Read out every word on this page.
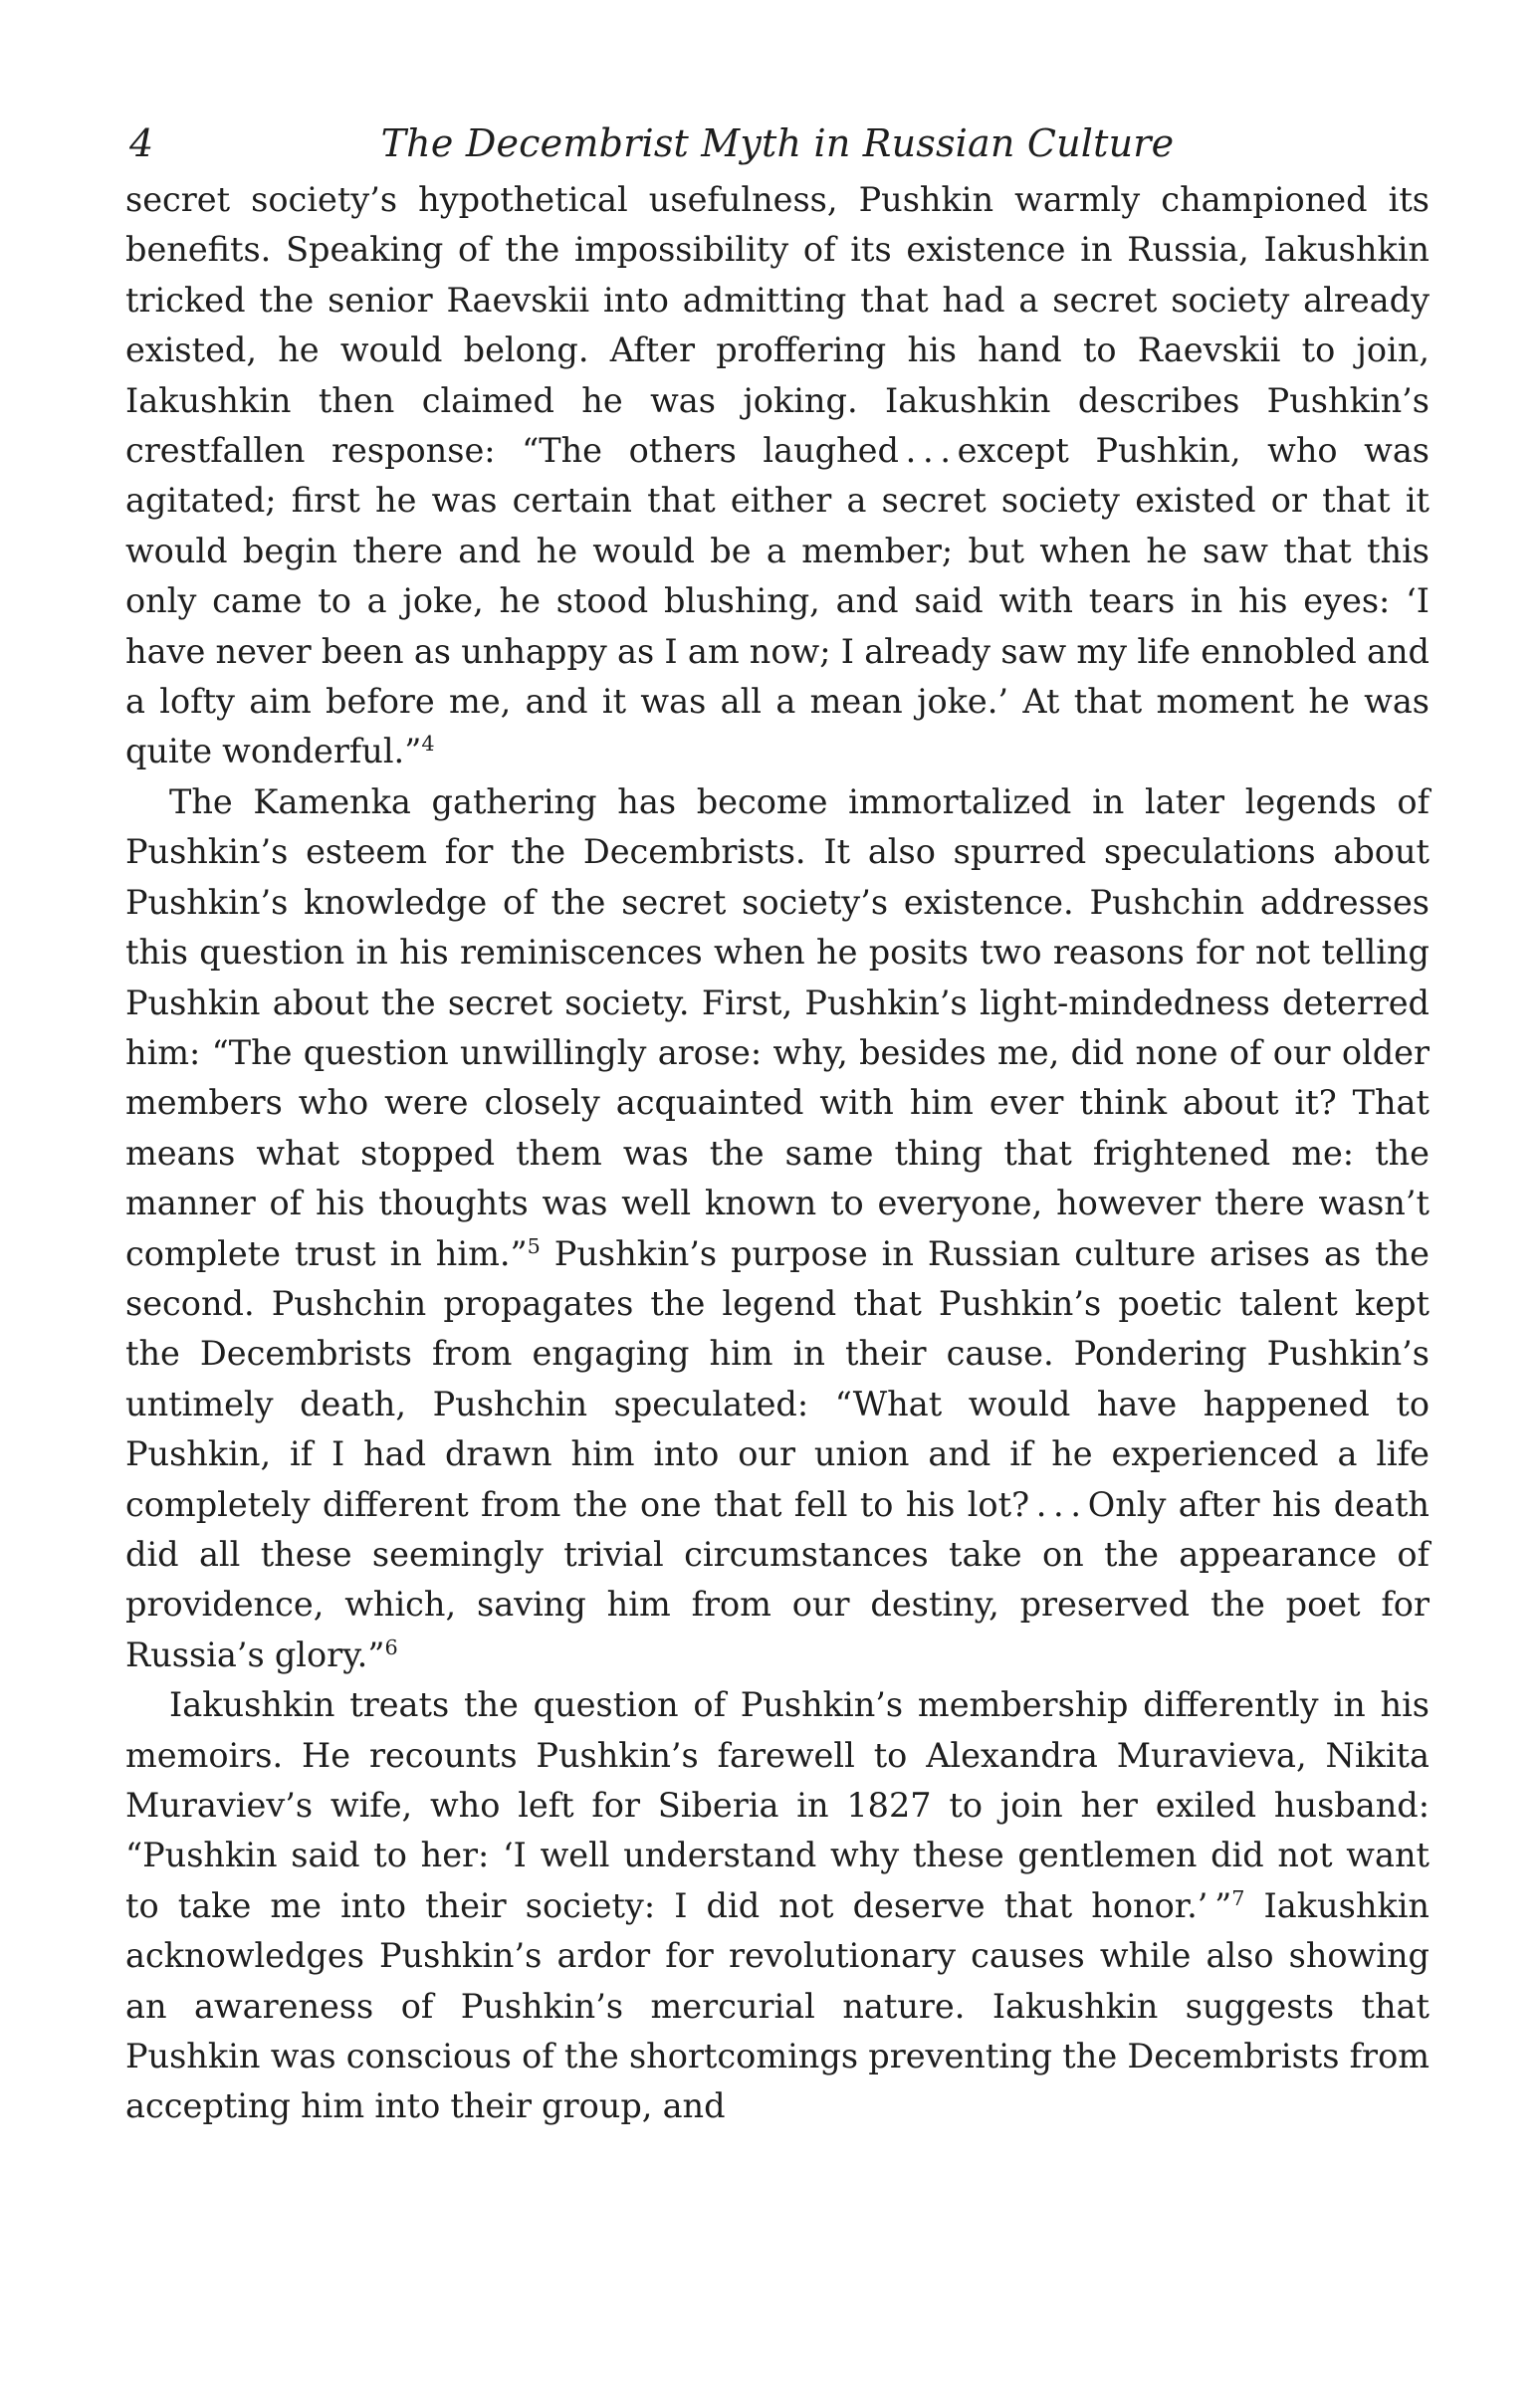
4	The Decembrist Myth in Russian Culture

secret society’s hypothetical usefulness, Pushkin warmly championed its benefits. Speaking of the impossibility of its existence in Russia, Iakushkin tricked the senior Raevskii into admitting that had a secret society already existed, he would belong. After proffering his hand to Raevskii to join, Iakushkin then claimed he was joking. Iakushkin describes Pushkin’s crestfallen response: “The others laughed . . . except Pushkin, who was agitated; first he was certain that either a secret society existed or that it would begin there and he would be a member; but when he saw that this only came to a joke, he stood blushing, and said with tears in his eyes: ‘I have never been as unhappy as I am now; I already saw my life ennobled and a lofty aim before me, and it was all a mean joke.’ At that moment he was quite wonderful.”$^4$

The Kamenka gathering has become immortalized in later legends of Pushkin’s esteem for the Decembrists. It also spurred speculations about Pushkin’s knowledge of the secret society’s existence. Pushchin addresses this question in his reminiscences when he posits two reasons for not telling Pushkin about the secret society. First, Pushkin’s light-mindedness deterred him: “The question unwillingly arose: why, besides me, did none of our older members who were closely acquainted with him ever think about it? That means what stopped them was the same thing that frightened me: the manner of his thoughts was well known to everyone, however there wasn’t complete trust in him.”$^5$ Pushkin’s purpose in Russian culture arises as the second. Pushchin propagates the legend that Pushkin’s poetic talent kept the Decembrists from engaging him in their cause. Pondering Pushkin’s untimely death, Pushchin speculated: “What would have happened to Pushkin, if I had drawn him into our union and if he experienced a life completely different from the one that fell to his lot? . . . Only after his death did all these seemingly trivial circumstances take on the appearance of providence, which, saving him from our destiny, preserved the poet for Russia’s glory.”$^6$

Iakushkin treats the question of Pushkin’s membership differently in his memoirs. He recounts Pushkin’s farewell to Alexandra Muravieva, Nikita Muraviev’s wife, who left for Siberia in 1827 to join her exiled husband: “Pushkin said to her: ‘I well understand why these gentlemen did not want to take me into their society: I did not deserve that honor.’ ”$^7$ Iakushkin acknowledges Pushkin’s ardor for revolutionary causes while also showing an awareness of Pushkin’s mercurial nature. Iakushkin suggests that Pushkin was conscious of the shortcomings preventing the Decembrists from accepting him into their group, and
